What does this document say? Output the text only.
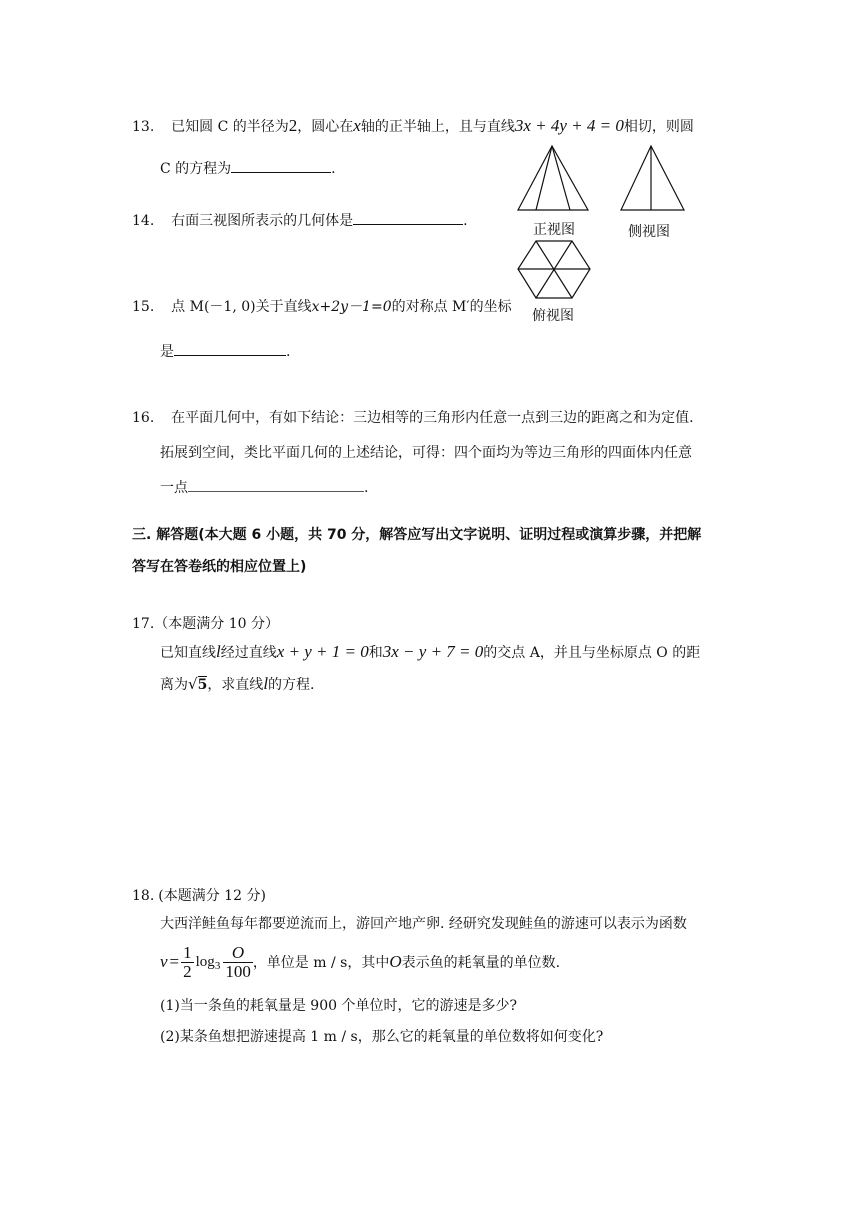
13. 已知圆 C 的半径为2，圆心在x轴的正半轴上，且与直线3x + 4y + 4 = 0相切，则圆
C 的方程为	.
14. 右面三视图所表示的几何体是	.
正视图	侧视图
俯视图
15. 点 M(－1, 0)关于直线x+2y－1=0的对称点 M′的坐标
是	.
16. 在平面几何中，有如下结论：三边相等的三角形内任意一点到三边的距离之和为定值.
拓展到空间，类比平面几何的上述结论，可得：四个面均为等边三角形的四面体内任意
一点	.
三. 解答题(本大题 6 小题，共 70 分，解答应写出文字说明、证明过程或演算步骤，并把解
答写在答卷纸的相应位置上)
17.（本题满分 10 分）
已知直线l经过直线x + y + 1 = 0和3x − y + 7 = 0的交点 A，并且与坐标原点 O 的距
离为√5，求直线l的方程.
18. (本题满分 12 分)
大西洋鲑鱼每年都要逆流而上，游回产地产卵. 经研究发现鲑鱼的游速可以表示为函数
$v = \frac{1}{2} \log_3 \frac{O}{100}$ ，单位是 m / s，其中 O 表示鱼的耗氧量的单位数.
(1)当一条鱼的耗氧量是 900 个单位时，它的游速是多少?
(2)某条鱼想把游速提高 1 m / s，那么它的耗氧量的单位数将如何变化?
